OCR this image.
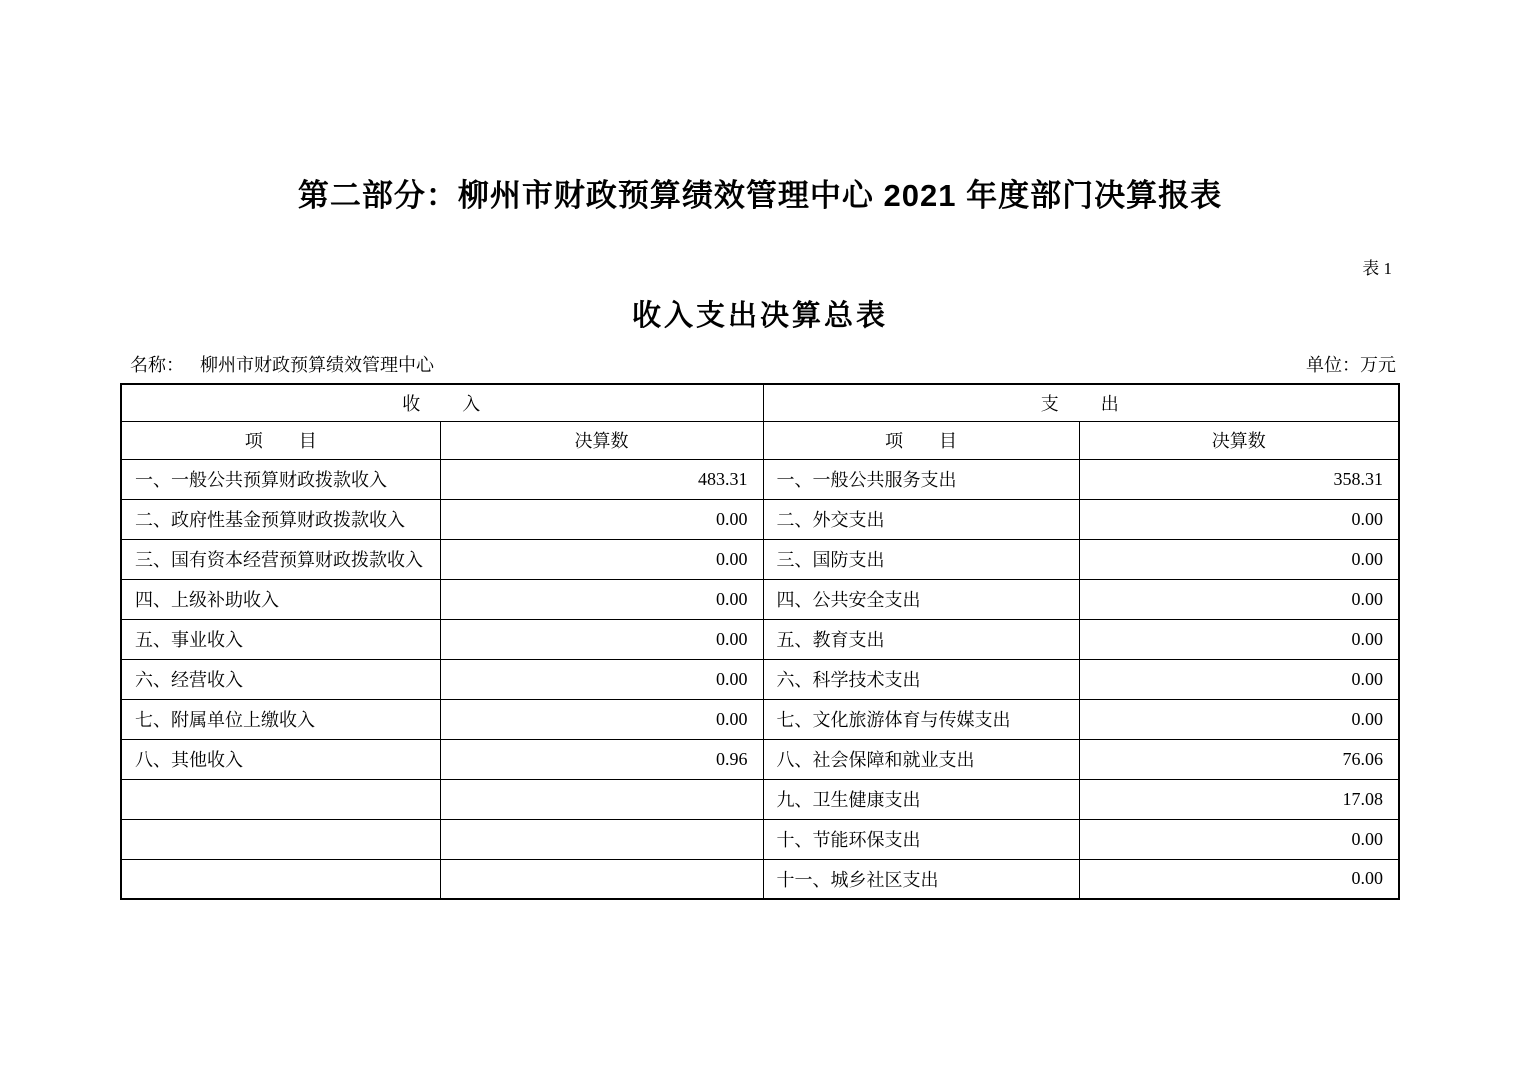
第二部分：柳州市财政预算绩效管理中心 2021 年度部门决算报表
表 1
收入支出决算总表
名称： 柳州市财政预算绩效管理中心	单位：万元
收　　入		支　　出	
项　　目	决算数	项　　目	决算数
一、一般公共预算财政拨款收入	483.31	一、一般公共服务支出	358.31
二、政府性基金预算财政拨款收入	0.00	二、外交支出	0.00
三、国有资本经营预算财政拨款收入	0.00	三、国防支出	0.00
四、上级补助收入	0.00	四、公共安全支出	0.00
五、事业收入	0.00	五、教育支出	0.00
六、经营收入	0.00	六、科学技术支出	0.00
七、附属单位上缴收入	0.00	七、文化旅游体育与传媒支出	0.00
八、其他收入	0.96	八、社会保障和就业支出	76.06
		九、卫生健康支出	17.08
		十、节能环保支出	0.00
		十一、城乡社区支出	0.00
